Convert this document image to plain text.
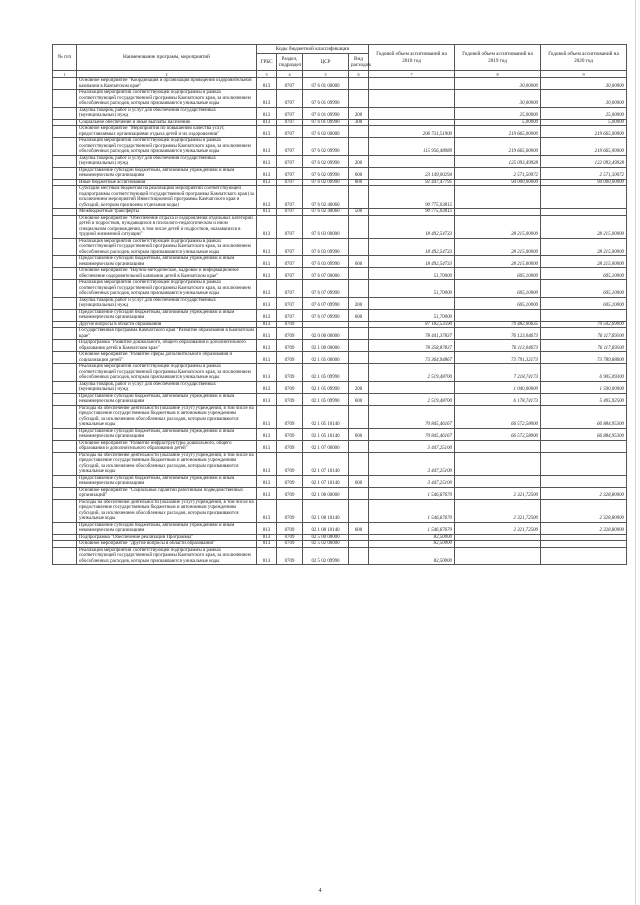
№ п/п	Наименование программ, мероприятий	Коды бюджетной классификации				Годовой объем ассигнований на 2018 год	Годовой объем ассигнований на 2019 год	Годовой объем ассигнований на 2020 год
		ГРБС	Раздел, подраздел	ЦСР	Вид расходов			
1	2	3	4	5	6	7	8	9
	Основное мероприятие "Координация и организация проведения оздоровительной кампании в Камчатском крае"	813	0707	07 6 01 00000			30,00000	30,00000
	Реализация мероприятий соответствующей подпрограммы в рамках соответствующей государственной программы Камчатского края, за исключением обособленных расходов, которым присваиваются уникальные коды	813	0707	07 6 01 09990			30,00000	30,00000
	Закупка товаров, работ и услуг для обеспечения государственных (муниципальных) нужд	813	0707	07 6 01 09990	200		25,00000	25,00000
	Социальное обеспечение и иные выплаты населению	813	0707	07 6 01 09990	300		5,00000	5,00000
	Основное мероприятие "Мероприятия по повышению качества услуг, предоставляемых организациями отдыха детей и их оздоровления"	813	0707	07 6 02 00000		206 731,51900	219 665,00000	219 665,00000
	Реализация мероприятий соответствующей подпрограммы в рамках соответствующей государственной программы Камчатского края, за исключением обособленных расходов, которым присваиваются уникальные коды	813	0707	07 6 02 09990		115 956,48089	219 665,00000	219 665,00000
	Закупка товаров, работ и услуг для обеспечения государственных (муниципальных) нужд	813	0707	07 6 02 09990	200		125 093,49928	122 093,49928
	Предоставление субсидий бюджетным, автономным учреждениям и иным некоммерческим организациям	813	0707	07 6 02 09990	600	23 149,00294	2 571,50072	2 571,50072
	Иные бюджетные ассигнования	813	0707	07 6 02 09990	800	92 447,47795	94 000,00000	94 000,00000
	Субсидии местным бюджетам на реализацию мероприятий соответствующей подпрограммы соответствующей государственной программы Камчатского края (за исключением мероприятий Инвестиционной программы Камчатского края и субсидий, которым присвоены отдельные коды)	813	0707	07 6 02 40060		90 775,03815		
	Межбюджетные трансферты	813	0707	07 6 02 40060	500	90 775,03815		
	Основное мероприятие "Обеспечение отдыха и оздоровления отдельных категорий детей и подростков, нуждающихся в психолого-педагогическом и ином специальном сопровождении, в том числе детей и подростков, оказавшихся в трудной жизненной ситуации"	813	0707	07 6 03 00000		18 492,54733	28 215,00000	28 215,00000
	Реализация мероприятий соответствующей подпрограммы в рамках соответствующей государственной программы Камчатского края, за исключением обособленных расходов, которым присваиваются уникальные коды	813	0707	07 6 03 09990		18 492,54733	28 215,00000	28 215,00000
	Предоставление субсидий бюджетным, автономным учреждениям и иным некоммерческим организациям	813	0707	07 6 03 09990	600	18 492,54733	28 215,00000	28 215,00000
	Основное мероприятие "Научно-методическое, кадровое и информационное обеспечение оздоровительной кампании детей в Камчатском крае"	813	0707	07 6 07 00000		51,70000	605,10000	605,10000
	Реализация мероприятий соответствующей подпрограммы в рамках соответствующей государственной программы Камчатского края, за исключением обособленных расходов, которым присваиваются уникальные коды	813	0707	07 6 07 09990		51,70000	605,10000	605,10000
	Закупка товаров, работ и услуг для обеспечения государственных (муниципальных) нужд	813	0707	07 6 07 09990	200		605,10000	605,10000
	Предоставление субсидий бюджетным, автономным учреждениям и иным некоммерческим организациям	813	0707	07 6 07 09990	600	51,70000		
	Другие вопросы в области образования	813	0709			87 182,53590	79 482,00635	79 502,69000
	Государственная программа Камчатского края "Развитие образования в Камчатском крае"	813	0709	02 0 00 00000		78 441,37837	76 123,04673	76 117,69500
	Подпрограмма "Развитие дошкольного, общего образования и дополнительного образования детей в Камчатском крае"	813	0709	02 1 00 00000		78 358,87837	76 113,04673	76 117,69500
	Основное мероприятие "Развитие сферы дополнительного образования и социализации детей"	813	0709	02 1 05 00000		73 364,94867	73 791,32173	73 789,88600
	Реализация мероприятий соответствующей подпрограммы в рамках соответствующей государственной программы Камчатского края, за исключением обособленных расходов, которым присваиваются уникальные коды	813	0709	02 1 05 09990		2 519,48700	7 218,74173	6 905,09300
	Закупка товаров, работ и услуг для обеспечения государственных (муниципальных) нужд	813	0709	02 1 05 09990	200		1 040,00000	1 500,00000
	Предоставление субсидий бюджетным, автономным учреждениям и иным некоммерческим организациям	813	0709	02 1 05 09990	600	2 519,48700	6 178,74173	5 405,92500
	Расходы на обеспечение деятельности (оказание услуг) учреждений, в том числе на предоставление государственным бюджетным и автономным учреждениям субсидий, за исключением обособленных расходов, которым присваиваются уникальные коды	813	0709	02 1 05 10140		70 845,46167	66 572,58000	66 884,95300
	Предоставление субсидий бюджетным, автономным учреждениям и иным некоммерческим организациям	813	0709	02 1 05 10140	600	70 845,46167	66 572,58000	66 884,95300
	Основное мероприятие "Развитие инфраструктуры дошкольного, общего образования и дополнительного образования детей"	813	0709	02 1 07 00000		3 447,25100		
	Расходы на обеспечение деятельности (оказание услуг) учреждений, в том числе на предоставление государственным бюджетным и автономным учреждениям субсидий, за исключением обособленных расходов, которым присваиваются уникальные коды	813	0709	02 1 07 10140		3 447,25100		
	Предоставление субсидий бюджетным, автономным учреждениям и иным некоммерческим организациям	813	0709	02 1 07 10140	600	3 447,25100		
	Основное мероприятие "Социальные гарантии работникам подведомственных организаций"	813	0709	02 1 08 00000		1 546,67670	2 321,72500	2 328,80000
	Расходы на обеспечение деятельности (оказание услуг) учреждений, в том числе на предоставление государственным бюджетным и автономным учреждениям субсидий, за исключением обособленных расходов, которым присваиваются уникальные коды	813	0709	02 1 08 10140		1 546,67670	2 321,72500	2 328,80000
	Предоставление субсидий бюджетным, автономным учреждениям и иным некоммерческим организациям	813	0709	02 1 08 10140	600	1 546,67670	2 321,72500	2 328,80000
	Подпрограмма "Обеспечение реализации Программы"	813	0709	02 5 00 00000		82,50000		
	Основное мероприятие "Другие вопросы в области образования"	813	0709	02 5 02 00000		82,50000		
	Реализация мероприятий соответствующей подпрограммы в рамках соответствующей государственной программы Камчатского края, за исключением обособленных расходов, которым присваиваются уникальные коды	813	0709	02 5 02 09990		82,50000		
4
